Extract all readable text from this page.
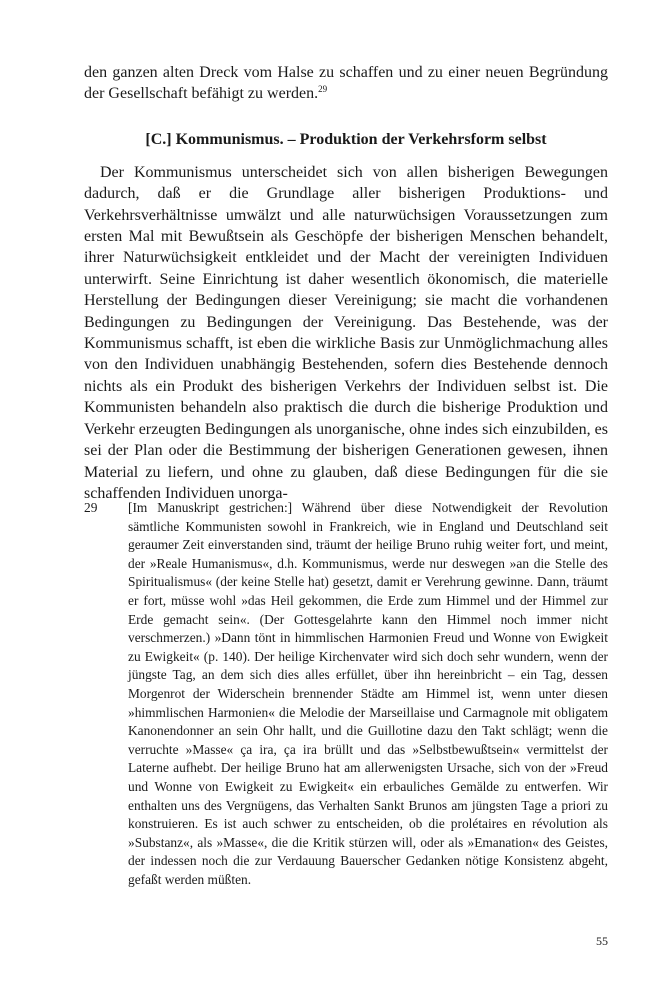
den ganzen alten Dreck vom Halse zu schaffen und zu einer neuen Begründung der Gesellschaft befähigt zu werden.$^{29}$

[C.] Kommunismus. – Produktion der Verkehrsform selbst

Der Kommunismus unterscheidet sich von allen bisherigen Bewegungen dadurch, daß er die Grundlage aller bisherigen Produktions- und Verkehrsverhältnisse umwälzt und alle naturwüchsigen Voraussetzungen zum ersten Mal mit Bewußtsein als Geschöpfe der bisherigen Menschen behandelt, ihrer Naturwüchsigkeit entkleidet und der Macht der vereinigten Individuen unterwirft. Seine Einrichtung ist daher wesentlich ökonomisch, die materielle Herstellung der Bedingungen dieser Vereinigung; sie macht die vorhandenen Bedingungen zu Bedingungen der Vereinigung. Das Bestehende, was der Kommunismus schafft, ist eben die wirkliche Basis zur Unmöglichmachung alles von den Individuen unabhängig Bestehenden, sofern dies Bestehende dennoch nichts als ein Produkt des bisherigen Verkehrs der Individuen selbst ist. Die Kommunisten behandeln also praktisch die durch die bisherige Produktion und Verkehr erzeugten Bedingungen als unorganische, ohne indes sich einzubilden, es sei der Plan oder die Bestimmung der bisherigen Generationen gewesen, ihnen Material zu liefern, und ohne zu glauben, daß diese Bedingungen für die sie schaffenden Individuen unorga-

29	[Im Manuskript gestrichen:] Während über diese Notwendigkeit der Revolution sämtliche Kommunisten sowohl in Frankreich, wie in England und Deutschland seit geraumer Zeit einverstanden sind, träumt der heilige Bruno ruhig weiter fort, und meint, der »Reale Humanismus«, d.h. Kommunismus, werde nur deswegen »an die Stelle des Spiritualismus« (der keine Stelle hat) gesetzt, damit er Verehrung gewinne. Dann, träumt er fort, müsse wohl »das Heil gekommen, die Erde zum Himmel und der Himmel zur Erde gemacht sein«. (Der Gottesgelahrte kann den Himmel noch immer nicht verschmerzen.) »Dann tönt in himmlischen Harmonien Freud und Wonne von Ewigkeit zu Ewigkeit« (p. 140). Der heilige Kirchenvater wird sich doch sehr wundern, wenn der jüngste Tag, an dem sich dies alles erfüllet, über ihn hereinbricht – ein Tag, dessen Morgenrot der Widerschein brennender Städte am Himmel ist, wenn unter diesen »himmlischen Harmonien« die Melodie der Marseillaise und Carmagnole mit obligatem Kanonendonner an sein Ohr hallt, und die Guillotine dazu den Takt schlägt; wenn die verruchte »Masse« ça ira, ça ira brüllt und das »Selbstbewußtsein« vermittelst der Laterne aufhebt. Der heilige Bruno hat am allerwenigsten Ursache, sich von der »Freud und Wonne von Ewigkeit zu Ewigkeit« ein erbauliches Gemälde zu entwerfen. Wir enthalten uns des Vergnügens, das Verhalten Sankt Brunos am jüngsten Tage a priori zu konstruieren. Es ist auch schwer zu entscheiden, ob die prolétaires en révolution als »Substanz«, als »Masse«, die die Kritik stürzen will, oder als »Emanation« des Geistes, der indessen noch die zur Verdauung Bauerscher Gedanken nötige Konsistenz abgeht, gefaßt werden müßten.
55
